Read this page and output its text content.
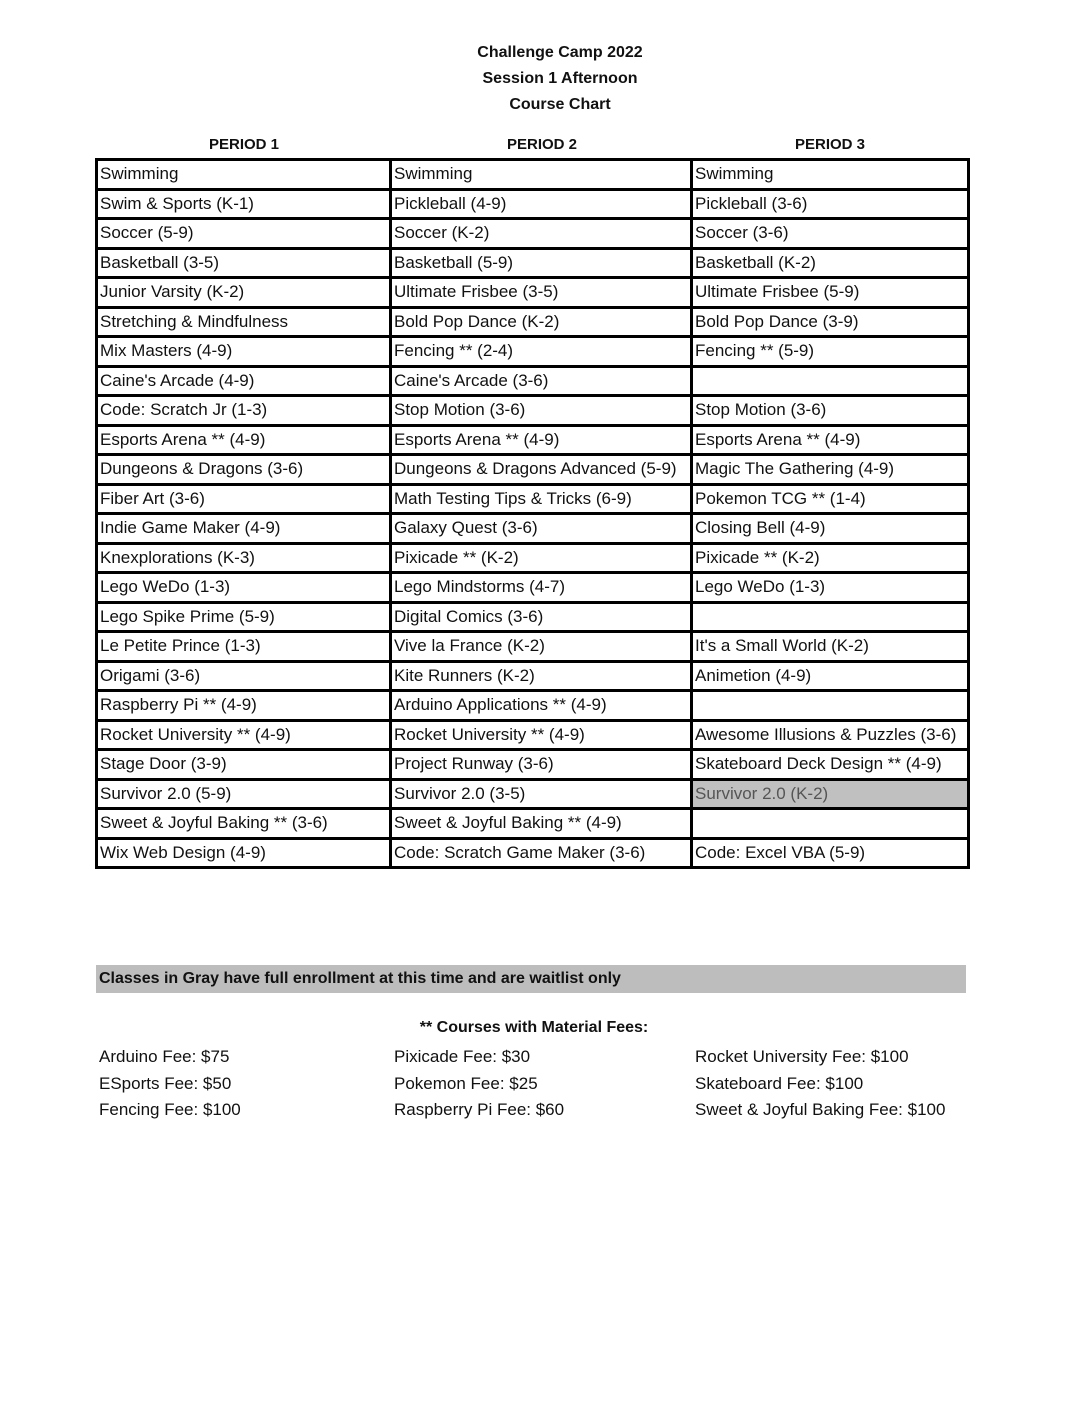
Challenge Camp 2022
Session 1 Afternoon
Course Chart
PERIOD 1	PERIOD 2	PERIOD 3
Swimming	Swimming	Swimming
Swim & Sports (K-1)	Pickleball (4-9)	Pickleball (3-6)
Soccer (5-9)	Soccer (K-2)	Soccer (3-6)
Basketball (3-5)	Basketball (5-9)	Basketball (K-2)
Junior Varsity (K-2)	Ultimate Frisbee (3-5)	Ultimate Frisbee (5-9)
Stretching & Mindfulness	Bold Pop Dance (K-2)	Bold Pop Dance (3-9)
Mix Masters (4-9)	Fencing ** (2-4)	Fencing ** (5-9)
Caine's Arcade (4-9)	Caine's Arcade (3-6)	
Code: Scratch Jr (1-3)	Stop Motion (3-6)	Stop Motion (3-6)
Esports Arena ** (4-9)	Esports Arena ** (4-9)	Esports Arena ** (4-9)
Dungeons & Dragons (3-6)	Dungeons & Dragons Advanced (5-9)	Magic The Gathering (4-9)
Fiber Art (3-6)	Math Testing Tips & Tricks (6-9)	Pokemon TCG ** (1-4)
Indie Game Maker (4-9)	Galaxy Quest (3-6)	Closing Bell (4-9)
Knexplorations (K-3)	Pixicade ** (K-2)	Pixicade ** (K-2)
Lego WeDo (1-3)	Lego Mindstorms (4-7)	Lego WeDo (1-3)
Lego Spike Prime (5-9)	Digital Comics (3-6)	
Le Petite Prince (1-3)	Vive la France (K-2)	It's a Small World (K-2)
Origami (3-6)	Kite Runners (K-2)	Animetion (4-9)
Raspberry Pi ** (4-9)	Arduino Applications ** (4-9)	
Rocket University ** (4-9)	Rocket University ** (4-9)	Awesome Illusions & Puzzles (3-6)
Stage Door (3-9)	Project Runway (3-6)	Skateboard Deck Design ** (4-9)
Survivor 2.0 (5-9)	Survivor 2.0 (3-5)	Survivor 2.0 (K-2)
Sweet & Joyful Baking ** (3-6)	Sweet & Joyful Baking ** (4-9)	
Wix Web Design (4-9)	Code: Scratch Game Maker (3-6)	Code: Excel VBA (5-9)
Classes in Gray have full enrollment at this time and are waitlist only
** Courses with Material Fees:
Arduino Fee: $75
ESports Fee: $50
Fencing Fee: $100
Pixicade Fee: $30
Pokemon Fee: $25
Raspberry Pi Fee: $60
Rocket University Fee: $100
Skateboard Fee: $100
Sweet & Joyful Baking Fee: $100
